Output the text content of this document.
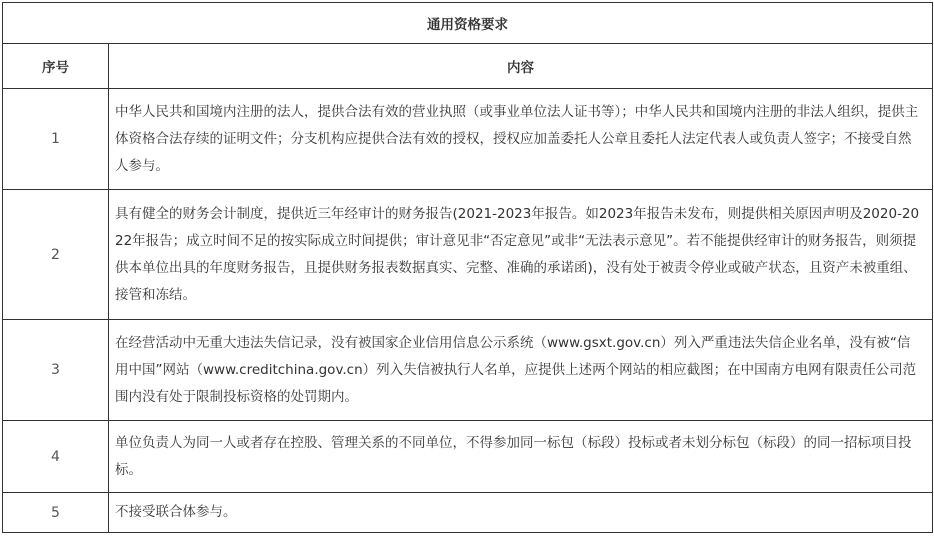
通用资格要求	
序号	内容
1	中华人民共和国境内注册的法人，提供合法有效的营业执照（或事业单位法人证书等）；中华人民共和国境内注册的非法人组织，提供主体资格合法存续的证明文件；分支机构应提供合法有效的授权，授权应加盖委托人公章且委托人法定代表人或负责人签字；不接受自然人参与。
2	具有健全的财务会计制度，提供近三年经审计的财务报告(2021-2023年报告。如2023年报告未发布，则提供相关原因声明及2020-2022年报告；成立时间不足的按实际成立时间提供；审计意见非“否定意见”或非“无法表示意见”。若不能提供经审计的财务报告，则须提供本单位出具的年度财务报告，且提供财务报表数据真实、完整、准确的承诺函)，没有处于被责令停业或破产状态，且资产未被重组、接管和冻结。
3	在经营活动中无重大违法失信记录，没有被国家企业信用信息公示系统（www.gsxt.gov.cn）列入严重违法失信企业名单，没有被“信用中国”网站（www.creditchina.gov.cn）列入失信被执行人名单，应提供上述两个网站的相应截图；在中国南方电网有限责任公司范围内没有处于限制投标资格的处罚期内。
4	单位负责人为同一人或者存在控股、管理关系的不同单位，不得参加同一标包（标段）投标或者未划分标包（标段）的同一招标项目投标。
5	不接受联合体参与。
